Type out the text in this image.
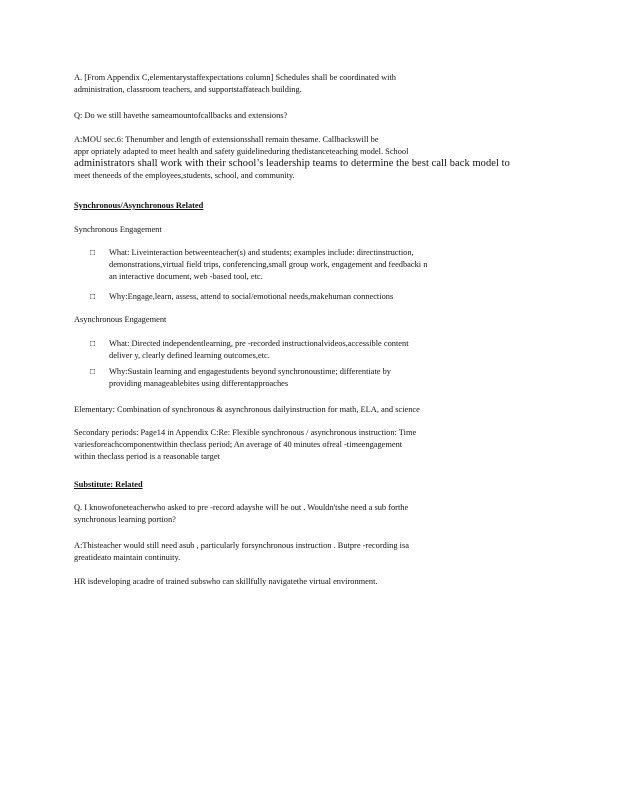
A. [From Appendix C,elementarystaffexpectations column] Schedules shall be coordinated with
administration, classroom teachers, and supportstaffateach building.
Q: Do we still havethe sameamountofcallbacks and extensions?
A:MOU sec.6: Thenumber and length of extensionsshall remain thesame. Callbackswill be
appr opriately adapted to meet health and safety guidelineduring thedistanceteaching model. School
administrators shall work with their school’s leadership teams to determine the best call back model to
meet theneeds of the employees,students, school, and community.
Synchronous/Asynchronous Related
Synchronous Engagement
□ What: Liveinteraction betweenteacher(s) and students; examples include: directinstruction,
demonstrations,virtual field trips, conferencing,small group work, engagement and feedbacki n
an interactive document, web -based tool, etc.
□ Why:Engage,learn, assess, attend to social/emotional needs,makehuman connections
Asynchronous Engagement
□ What: Directed independentlearning, pre -recorded instructionalvideos,accessible content
deliver y, clearly defined learning outcomes,etc.
□ Why:Sustain learning and engagestudents beyond synchronoustime; differentiate by
providing manageablebites using differentapproaches
Elementary: Combination of synchronous & asynchronous dailyinstruction for math, ELA, and science
Secondary periods: Page14 in Appendix C:Re: Flexible synchronous / asynchronous instruction: Time
variesforeachcomponentwithin theclass period; An average of 40 minutes ofreal -timeengagement
within theclass period is a reasonable target
Substitute: Related
Q. I knowofoneteacherwho asked to pre -record adayshe will be out . Wouldn'tshe need a sub forthe
synchronous learning portion?
A:Thisteacher would still need asub , particularly forsynchronous instruction . Butpre -recording isa
greatideato maintain continuity.
HR isdeveloping acadre of trained subswho can skillfully navigatethe virtual environment.
